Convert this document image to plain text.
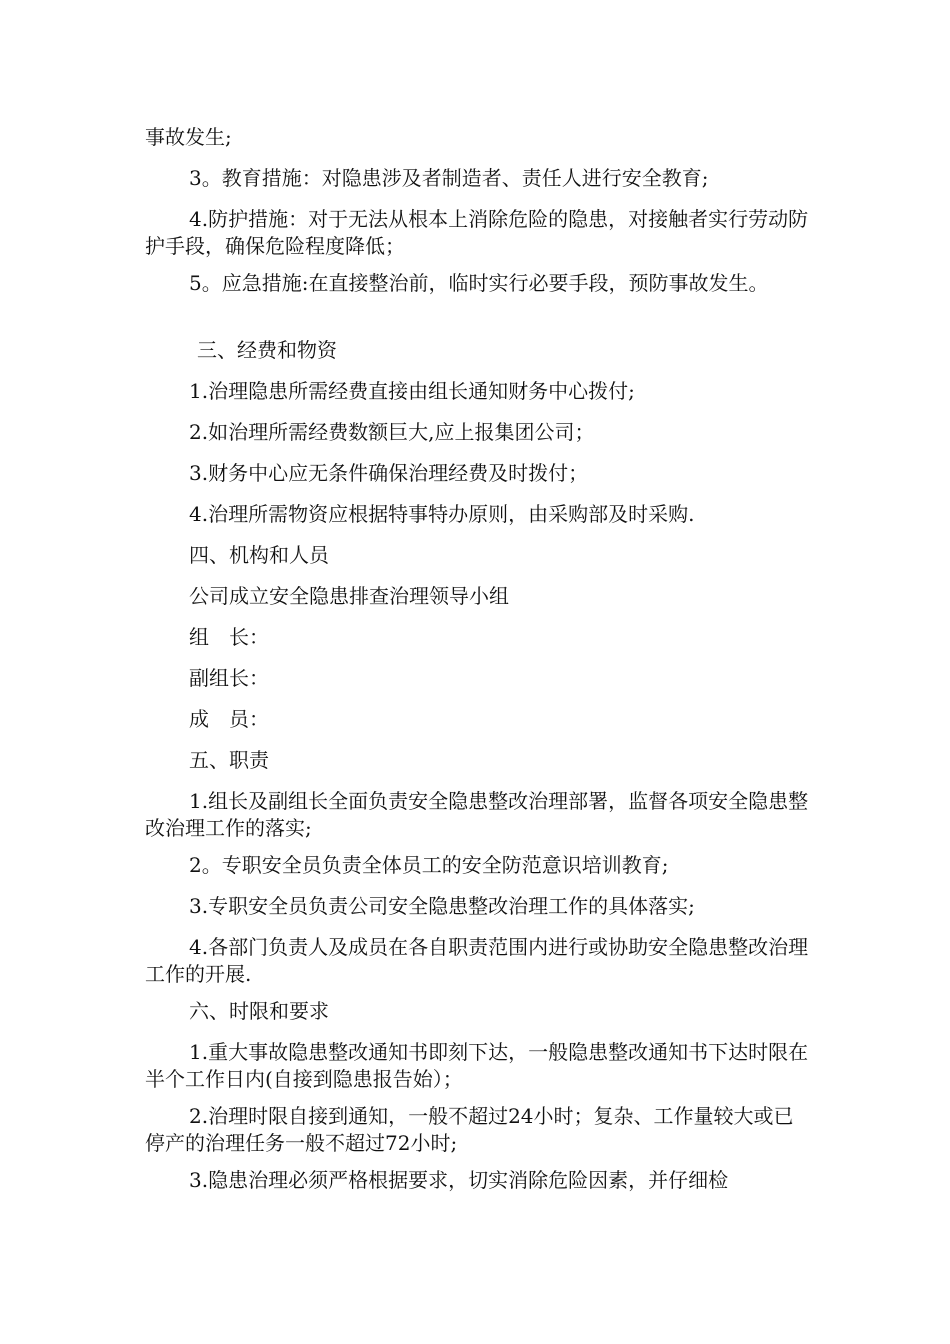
事故发生;

3。教育措施：对隐患涉及者制造者、责任人进行安全教育;

4.防护措施：对于无法从根本上消除危险的隐患，对接触者实行劳动防护手段，确保危险程度降低；

5。应急措施:在直接整治前，临时实行必要手段，预防事故发生。

三、经费和物资

1.治理隐患所需经费直接由组长通知财务中心拨付;

2.如治理所需经费数额巨大,应上报集团公司；

3.财务中心应无条件确保治理经费及时拨付；

4.治理所需物资应根据特事特办原则，由采购部及时采购.

四、机构和人员

公司成立安全隐患排查治理领导小组

组　长：

副组长：

成　员：

五、职责

1.组长及副组长全面负责安全隐患整改治理部署，监督各项安全隐患整改治理工作的落实;

2。专职安全员负责全体员工的安全防范意识培训教育;

3.专职安全员负责公司安全隐患整改治理工作的具体落实;

4.各部门负责人及成员在各自职责范围内进行或协助安全隐患整改治理工作的开展.

六、时限和要求

1.重大事故隐患整改通知书即刻下达，一般隐患整改通知书下达时限在半个工作日内(自接到隐患报告始）；

2.治理时限自接到通知，一般不超过24小时；复杂、工作量较大或已停产的治理任务一般不超过72小时;

3.隐患治理必须严格根据要求，切实消除危险因素，并仔细检
